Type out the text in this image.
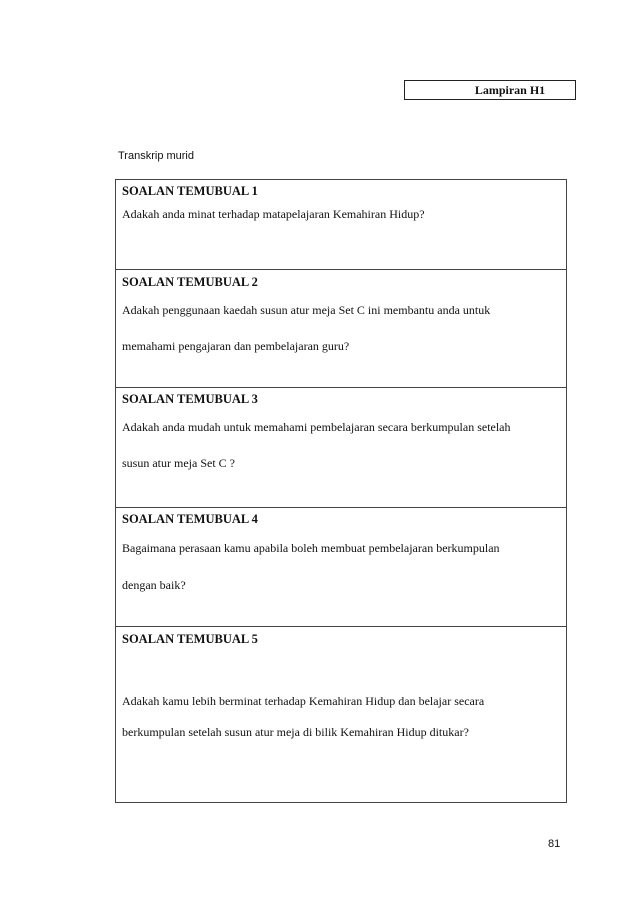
Lampiran H1
Transkrip murid
SOALAN TEMUBUAL 1
Adakah anda minat terhadap matapelajaran Kemahiran Hidup?
SOALAN TEMUBUAL 2
Adakah penggunaan kaedah susun atur meja Set C ini membantu anda untuk
memahami pengajaran dan pembelajaran guru?
SOALAN TEMUBUAL 3
Adakah anda mudah untuk memahami pembelajaran secara berkumpulan setelah
susun atur meja Set C ?
SOALAN TEMUBUAL 4
Bagaimana perasaan kamu apabila boleh membuat pembelajaran berkumpulan
dengan baik?
SOALAN TEMUBUAL 5
Adakah kamu lebih berminat terhadap Kemahiran Hidup dan belajar secara
berkumpulan setelah susun atur meja di bilik Kemahiran Hidup ditukar?
81
